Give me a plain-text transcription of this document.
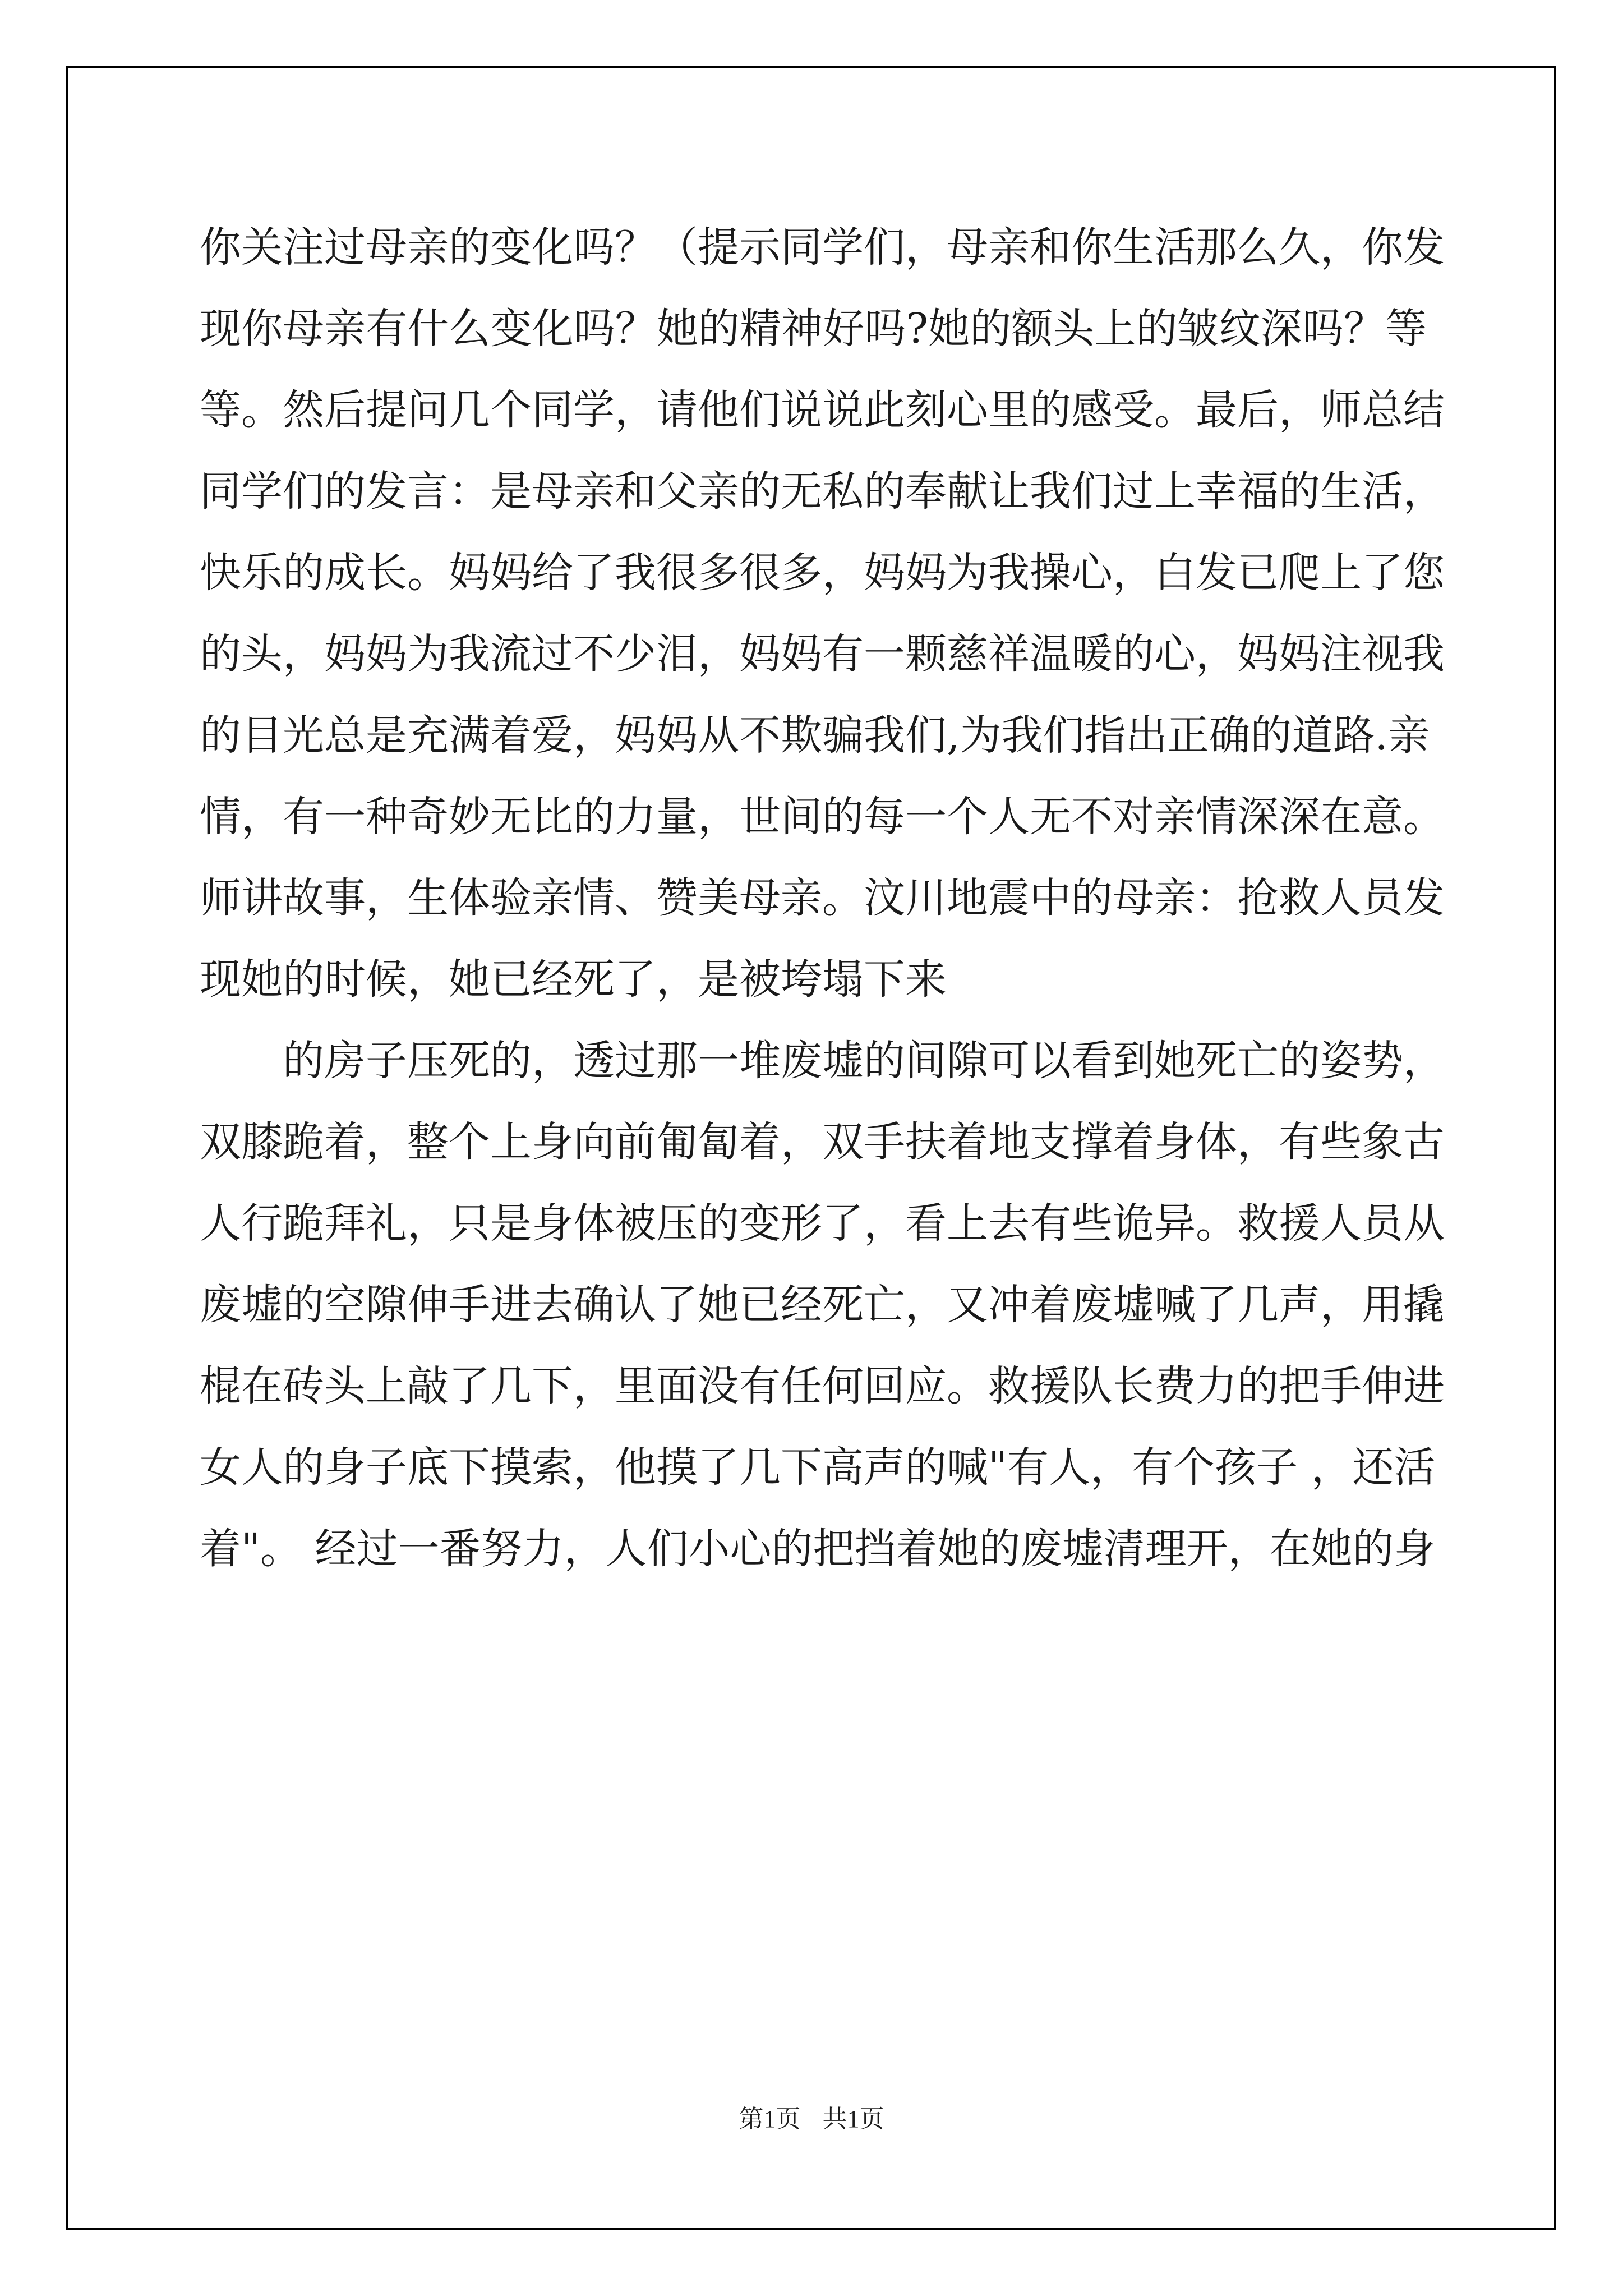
你关注过母亲的变化吗？（提示同学们，母亲和你生活那么久，你发

现你母亲有什么变化吗？她的精神好吗?她的额头上的皱纹深吗？等

等。然后提问几个同学，请他们说说此刻心里的感受。最后，师总结

同学们的发言：是母亲和父亲的无私的奉献让我们过上幸福的生活，

快乐的成长。妈妈给了我很多很多，妈妈为我操心，白发已爬上了您

的头，妈妈为我流过不少泪，妈妈有一颗慈祥温暖的心，妈妈注视我

的目光总是充满着爱，妈妈从不欺骗我们,为我们指出正确的道路.亲

情，有一种奇妙无比的力量，世间的每一个人无不对亲情深深在意。

师讲故事，生体验亲情、赞美母亲。汶川地震中的母亲：抢救人员发

现她的时候，她已经死了，是被垮塌下来

的房子压死的，透过那一堆废墟的间隙可以看到她死亡的姿势，

双膝跪着，整个上身向前匍匐着，双手扶着地支撑着身体，有些象古

人行跪拜礼，只是身体被压的变形了，看上去有些诡异。救援人员从

废墟的空隙伸手进去确认了她已经死亡，又冲着废墟喊了几声，用撬

棍在砖头上敲了几下，里面没有任何回应。救援队长费力的把手伸进

女人的身子底下摸索，他摸了几下高声的喊"有人，有个孩子 ，还活

着"。 经过一番努力，人们小心的把挡着她的废墟清理开，在她的身

第1页 共1页
